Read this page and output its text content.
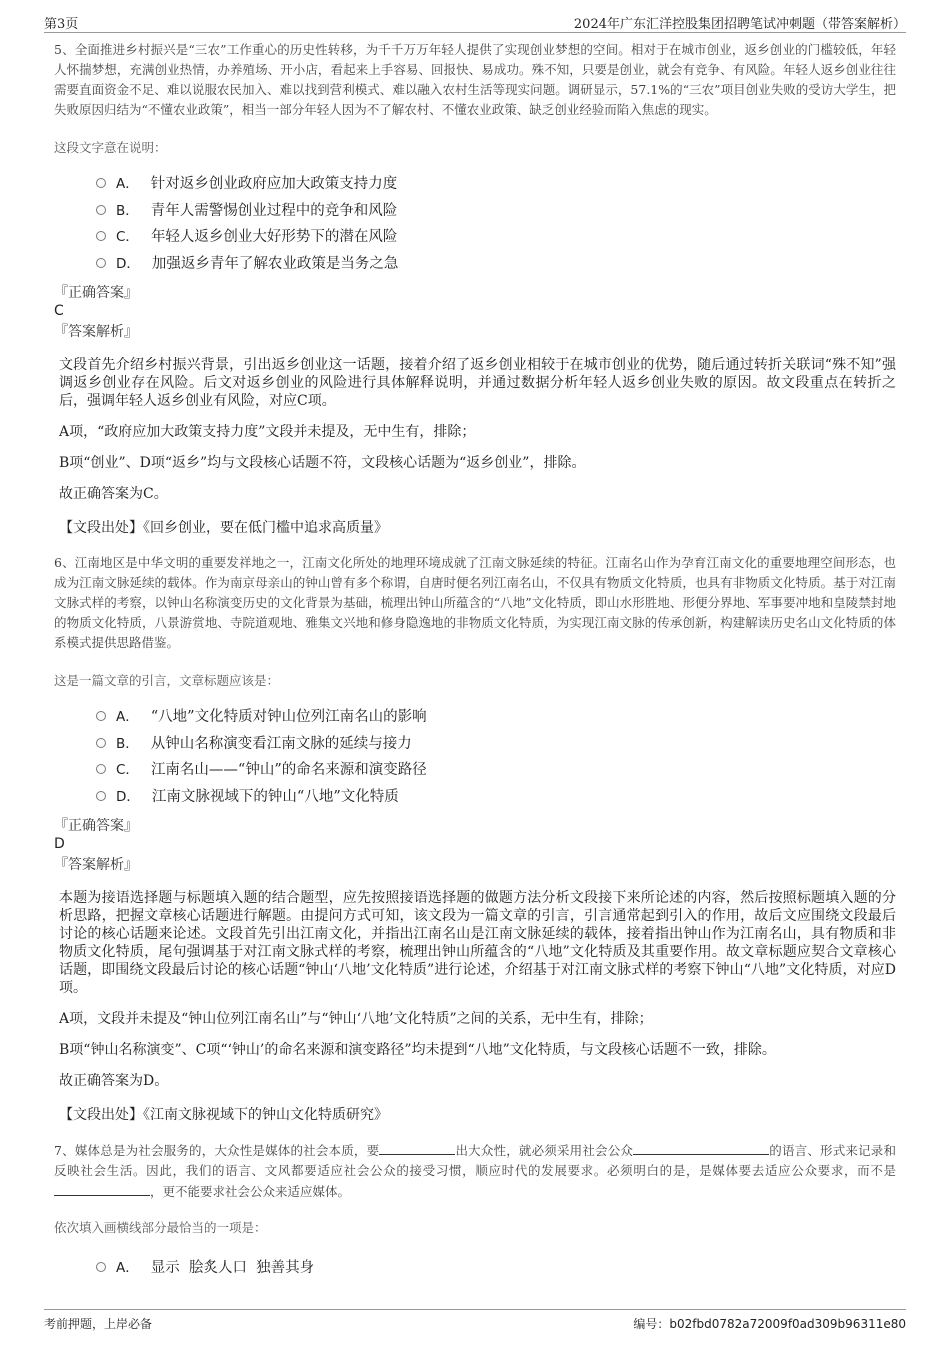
第3页	2024年广东汇洋控股集团招聘笔试冲刺题（带答案解析）

5、全面推进乡村振兴是“三农”工作重心的历史性转移，为千千万万年轻人提供了实现创业梦想的空间。相对于在城市创业，返乡创业的门槛较低，年轻人怀揣梦想，充满创业热情，办养殖场、开小店，看起来上手容易、回报快、易成功。殊不知，只要是创业，就会有竞争、有风险。年轻人返乡创业往往需要直面资金不足、难以说服农民加入、难以找到营利模式、难以融入农村生活等现实问题。调研显示，57.1%的“三农”项目创业失败的受访大学生，把失败原因归结为“不懂农业政策”，相当一部分年轻人因为不了解农村、不懂农业政策、缺乏创业经验而陷入焦虑的现实。

这段文字意在说明：

A． 针对返乡创业政府应加大政策支持力度
B． 青年人需警惕创业过程中的竞争和风险
C． 年轻人返乡创业大好形势下的潜在风险
D． 加强返乡青年了解农业政策是当务之急

『正确答案』

C

『答案解析』

文段首先介绍乡村振兴背景，引出返乡创业这一话题，接着介绍了返乡创业相较于在城市创业的优势，随后通过转折关联词“殊不知”强调返乡创业存在风险。后文对返乡创业的风险进行具体解释说明，并通过数据分析年轻人返乡创业失败的原因。故文段重点在转折之后，强调年轻人返乡创业有风险，对应C项。

A项，“政府应加大政策支持力度”文段并未提及，无中生有，排除；

B项“创业”、D项“返乡”均与文段核心话题不符，文段核心话题为“返乡创业”，排除。

故正确答案为C。

【文段出处】《回乡创业，要在低门槛中追求高质量》

6、江南地区是中华文明的重要发祥地之一，江南文化所处的地理环境成就了江南文脉延续的特征。江南名山作为孕育江南文化的重要地理空间形态，也成为江南文脉延续的载体。作为南京母亲山的钟山曾有多个称谓，自唐时便名列江南名山，不仅具有物质文化特质，也具有非物质文化特质。基于对江南文脉式样的考察，以钟山名称演变历史的文化背景为基础，梳理出钟山所蕴含的“八地”文化特质，即山水形胜地、形便分界地、军事要冲地和皇陵禁封地的物质文化特质，八景游赏地、寺院道观地、雅集文兴地和修身隐逸地的非物质文化特质，为实现江南文脉的传承创新，构建解读历史名山文化特质的体系模式提供思路借鉴。

这是一篇文章的引言，文章标题应该是：

A． “八地”文化特质对钟山位列江南名山的影响
B． 从钟山名称演变看江南文脉的延续与接力
C． 江南名山——“钟山”的命名来源和演变路径
D． 江南文脉视域下的钟山“八地”文化特质

『正确答案』

D

『答案解析』

本题为接语选择题与标题填入题的结合题型，应先按照接语选择题的做题方法分析文段接下来所论述的内容，然后按照标题填入题的分析思路，把握文章核心话题进行解题。由提问方式可知，该文段为一篇文章的引言，引言通常起到引入的作用，故后文应围绕文段最后讨论的核心话题来论述。文段首先引出江南文化，并指出江南名山是江南文脉延续的载体，接着指出钟山作为江南名山，具有物质和非物质文化特质，尾句强调基于对江南文脉式样的考察，梳理出钟山所蕴含的“八地”文化特质及其重要作用。故文章标题应契合文章核心话题，即围绕文段最后讨论的核心话题“钟山‘八地’文化特质”进行论述，介绍基于对江南文脉式样的考察下钟山“八地”文化特质，对应D项。

A项，文段并未提及“钟山位列江南名山”与“钟山‘八地’文化特质”之间的关系，无中生有，排除；

B项“钟山名称演变”、C项“‘钟山’的命名来源和演变路径”均未提到“八地”文化特质，与文段核心话题不一致，排除。

故正确答案为D。

【文段出处】《江南文脉视域下的钟山文化特质研究》

7、媒体总是为社会服务的，大众性是媒体的社会本质，要	出大众性，就必须采用社会公众	的语言、形式来记录和反映社会生活。因此，我们的语言、文风都要适应社会公众的接受习惯，顺应时代的发展要求。必须明白的是，是媒体要去适应公众要求，而不是，更不能要求社会公众来适应媒体。

依次填入画横线部分最恰当的一项是：

A． 显示  脍炙人口  独善其身
考前押题，上岸必备	编号：b02fbd0782a72009f0ad309b96311e80
